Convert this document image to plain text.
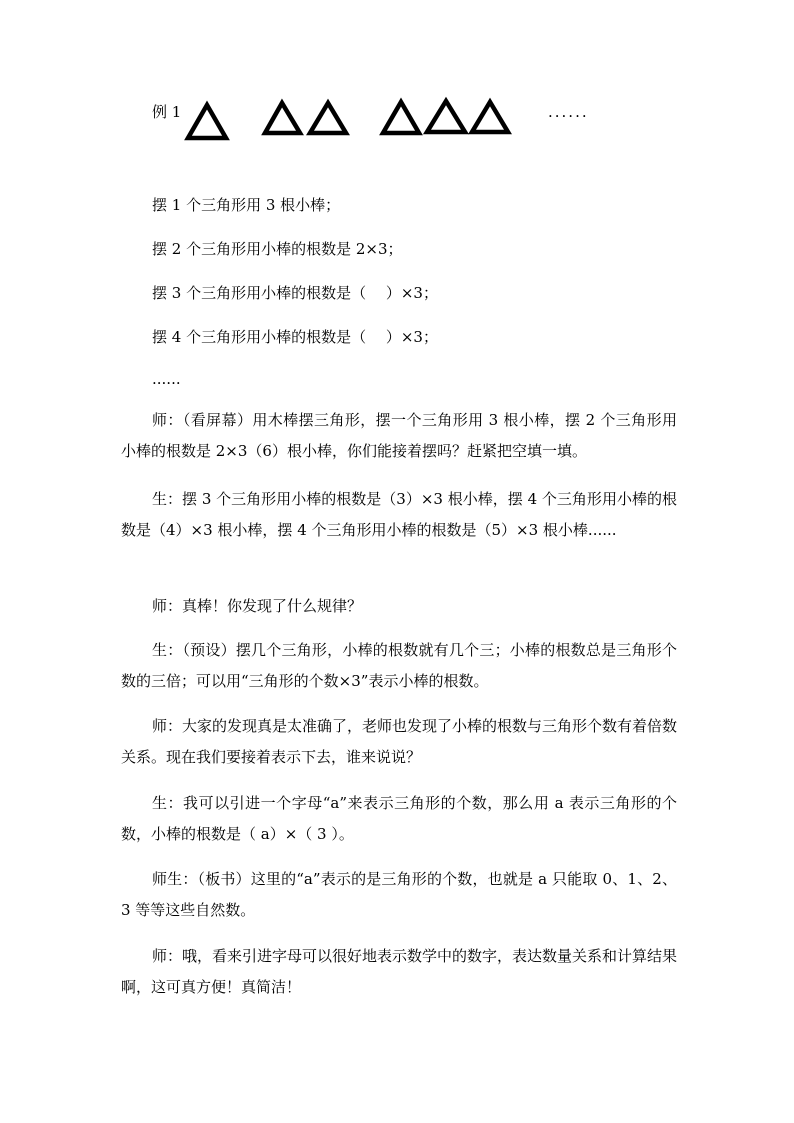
例 1	......
摆 1 个三角形用 3 根小棒；
摆 2 个三角形用小棒的根数是 2×3；
摆 3 个三角形用小棒的根数是（　 ）×3；
摆 4 个三角形用小棒的根数是（　 ）×3；
......
师：（看屏幕）用木棒摆三角形，摆一个三角形用 3 根小棒，摆 2 个三角形用小棒的根数是 2×3（6）根小棒，你们能接着摆吗？赶紧把空填一填。
生：摆 3 个三角形用小棒的根数是（3）×3 根小棒，摆 4 个三角形用小棒的根数是（4）×3 根小棒，摆 4 个三角形用小棒的根数是（5）×3 根小棒......
师：真棒！你发现了什么规律？
生：（预设）摆几个三角形，小棒的根数就有几个三；小棒的根数总是三角形个数的三倍；可以用“三角形的个数×3”表示小棒的根数。
师：大家的发现真是太准确了，老师也发现了小棒的根数与三角形个数有着倍数关系。现在我们要接着表示下去，谁来说说？
生：我可以引进一个字母“a”来表示三角形的个数，那么用 a 表示三角形的个数，小棒的根数是（ a）×（ 3 ）。
师生：（板书）这里的“a”表示的是三角形的个数，也就是 a 只能取 0、1、2、3 等等这些自然数。
师：哦，看来引进字母可以很好地表示数学中的数字，表达数量关系和计算结果啊，这可真方便！真简洁！
